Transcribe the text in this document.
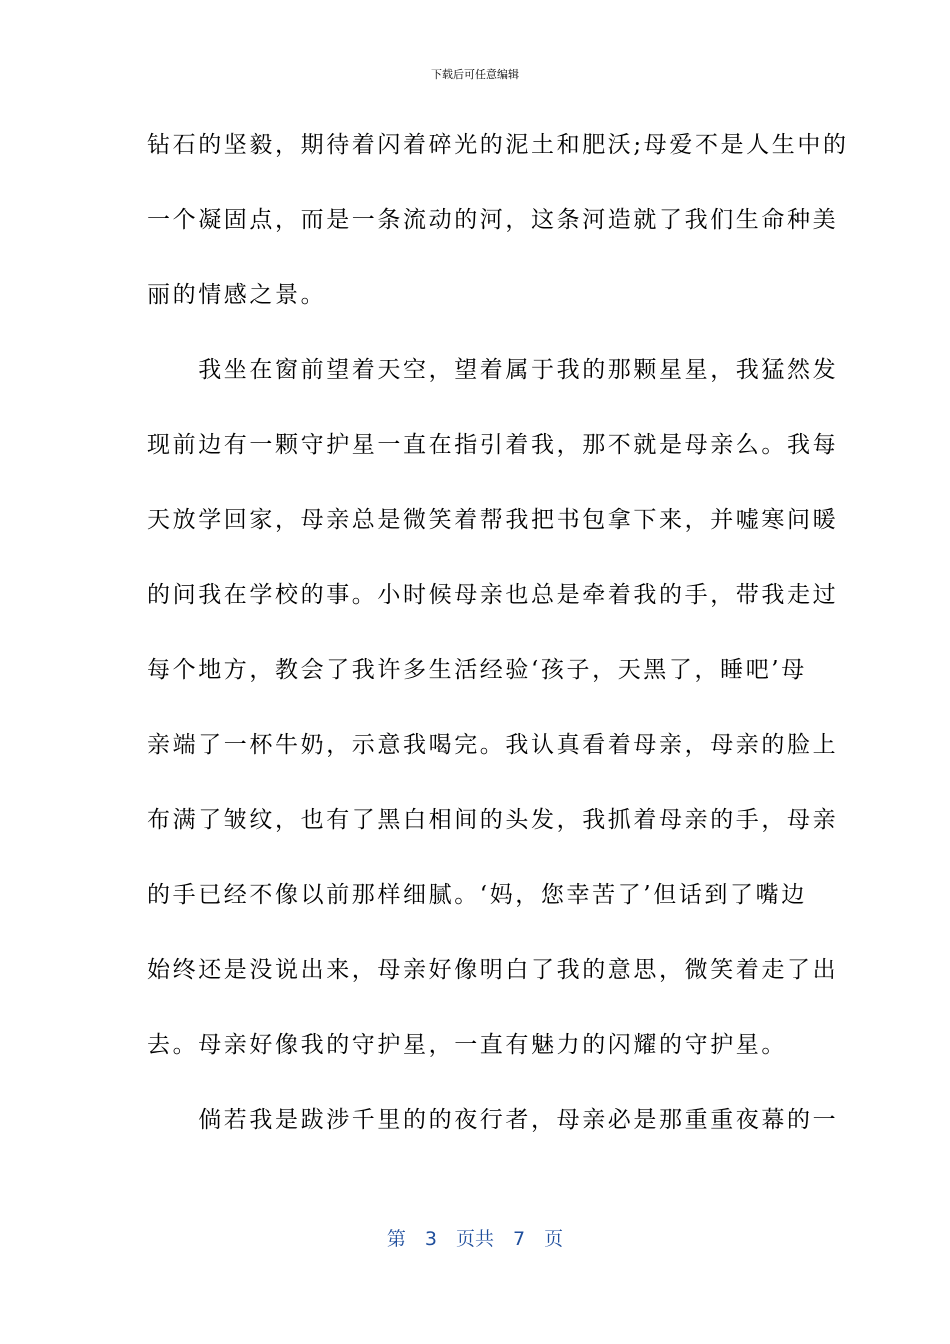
下载后可任意编辑
钻石的坚毅，期待着闪着碎光的泥土和肥沃;母爱不是人生中的
一个凝固点，而是一条流动的河，这条河造就了我们生命种美
丽的情感之景。
　　我坐在窗前望着天空，望着属于我的那颗星星，我猛然发
现前边有一颗守护星一直在指引着我，那不就是母亲么。我每
天放学回家，母亲总是微笑着帮我把书包拿下来，并嘘寒问暖
的问我在学校的事。小时候母亲也总是牵着我的手，带我走过
每个地方，教会了我许多生活经验‘孩子，天黑了，睡吧’母
亲端了一杯牛奶，示意我喝完。我认真看着母亲，母亲的脸上
布满了皱纹，也有了黑白相间的头发，我抓着母亲的手，母亲
的手已经不像以前那样细腻。‘妈，您幸苦了’但话到了嘴边
始终还是没说出来，母亲好像明白了我的意思，微笑着走了出
去。母亲好像我的守护星，一直有魅力的闪耀的守护星。
　　倘若我是跋涉千里的的夜行者，母亲必是那重重夜幕的一
第　3　页共　7　页
